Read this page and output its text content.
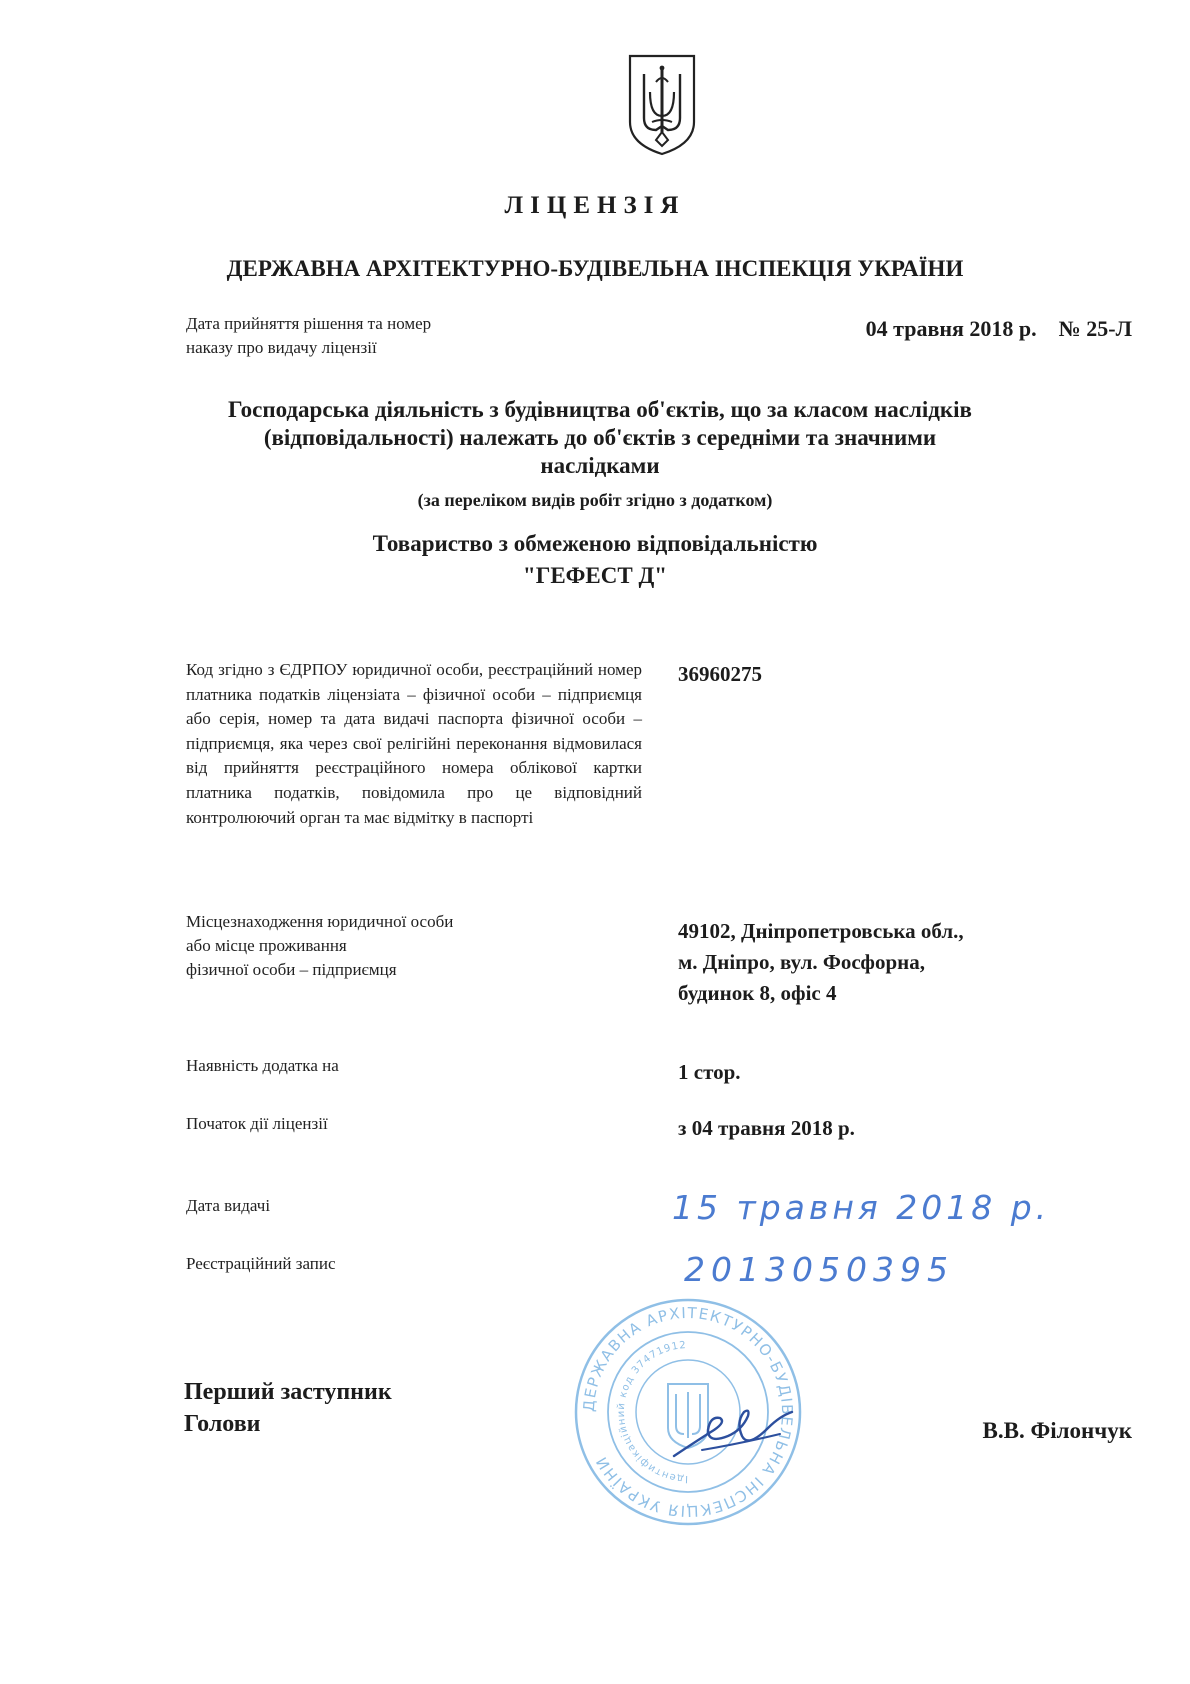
ЛІЦЕНЗІЯ
ДЕРЖАВНА АРХІТЕКТУРНО-БУДІВЕЛЬНА ІНСПЕКЦІЯ УКРАЇНИ
Дата прийняття рішення та номер
наказу про видачу ліцензії
04 травня 2018 р. № 25-Л
Господарська діяльність з будівництва об'єктів, що за класом наслідків
(відповідальності) належать до об'єктів з середніми та значними
наслідками
(за переліком видів робіт згідно з додатком)
Товариство з обмеженою відповідальністю
"ГЕФЕСТ Д"
Код згідно з ЄДРПОУ юридичної особи, реєстраційний номер платника податків ліцензіата – фізичної особи – підприємця або серія, номер та дата видачі паспорта фізичної особи – підприємця, яка через свої релігійні переконання відмовилася від прийняття реєстраційного номера облікової картки платника податків, повідомила про це відповідний контролюючий орган та має відмітку в паспорті
36960275
Місцезнаходження юридичної особи
або місце проживання
фізичної особи – підприємця
49102, Дніпропетровська обл.,
м. Дніпро, вул. Фосфорна,
будинок 8, офіс 4
Наявність додатка на	1 стор.
Початок дії ліцензії	з 04 травня 2018 р.
Дата видачі	15 травня 2018 р.
Реєстраційний запис	2013050395
ДЕРЖАВНА АРХІТЕКТУРНО-БУДІВЕЛЬНА ІНСПЕКЦІЯ УКРАЇНИ
Ідентифікаційний код 37471912
Перший заступник
Голови	В.В. Філончук
